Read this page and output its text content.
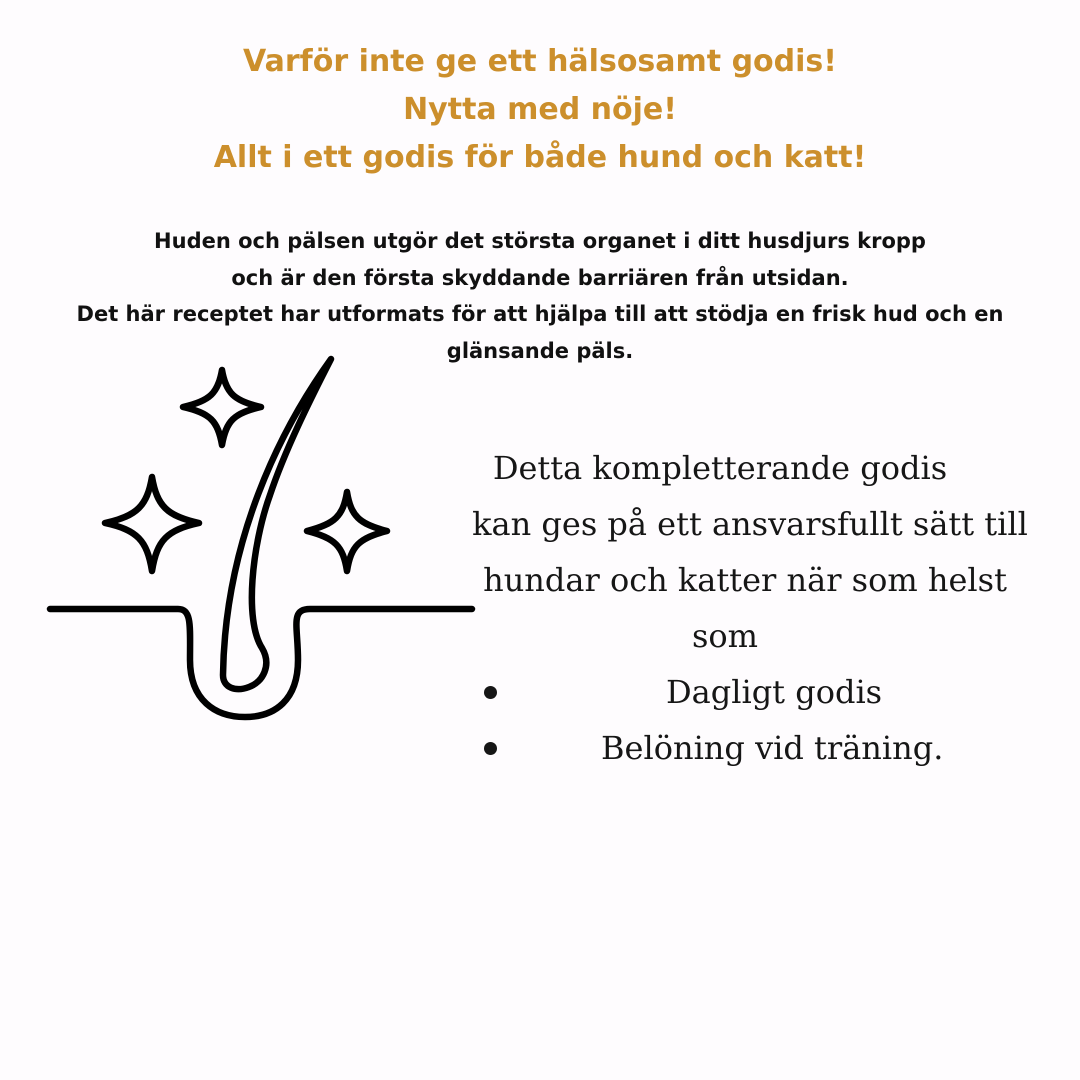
Varför inte ge ett hälsosamt godis!
Nytta med nöje!
Allt i ett godis för både hund och katt!
Huden och pälsen utgör det största organet i ditt husdjurs kropp
och är den första skyddande barriären från utsidan.
Det här receptet har utformats för att hjälpa till att stödja en frisk hud och en
glänsande päls.
Detta kompletterande godis
kan ges på ett ansvarsfullt sätt till
hundar och katter när som helst
som
Dagligt godis
Belöning vid träning.
